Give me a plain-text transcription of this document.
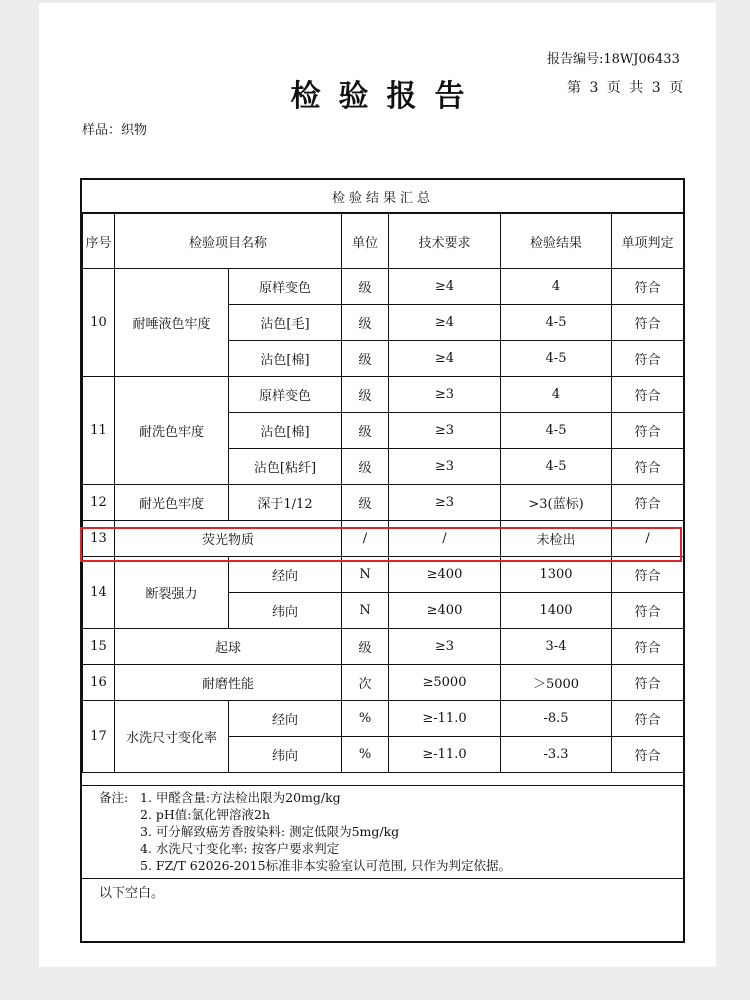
报告编号:18WJ06433
第 3 页 共 3 页
检验报告
样品：织物
检验结果汇总						
序号	检验项目名称		单位	技术要求	检验结果	单项判定
10	耐唾液色牢度	原样变色	级	≥4	4	符合
		沾色[毛]	级	≥4	4-5	符合
		沾色[棉]	级	≥4	4-5	符合
11	耐洗色牢度	原样变色	级	≥3	4	符合
		沾色[棉]	级	≥3	4-5	符合
		沾色[粘纤]	级	≥3	4-5	符合
12	耐光色牢度	深于1/12	级	≥3	>3(蓝标)	符合
13	荧光物质		/	/	未检出	/
14	断裂强力	经向	N	≥400	1300	符合
		纬向	N	≥400	1400	符合
15	起球		级	≥3	3-4	符合
16	耐磨性能		次	≥5000	＞5000	符合
17	水洗尺寸变化率	经向	%	≥-11.0	-8.5	符合
		纬向	%	≥-11.0	-3.3	符合
备注: 1. 甲醛含量:方法检出限为20mg/kg
2. pH值:氯化钾溶液2h
3. 可分解致癌芳香胺染料: 测定低限为5mg/kg
4. 水洗尺寸变化率: 按客户要求判定
5. FZ/T 62026-2015标准非本实验室认可范围, 只作为判定依据。
以下空白。
